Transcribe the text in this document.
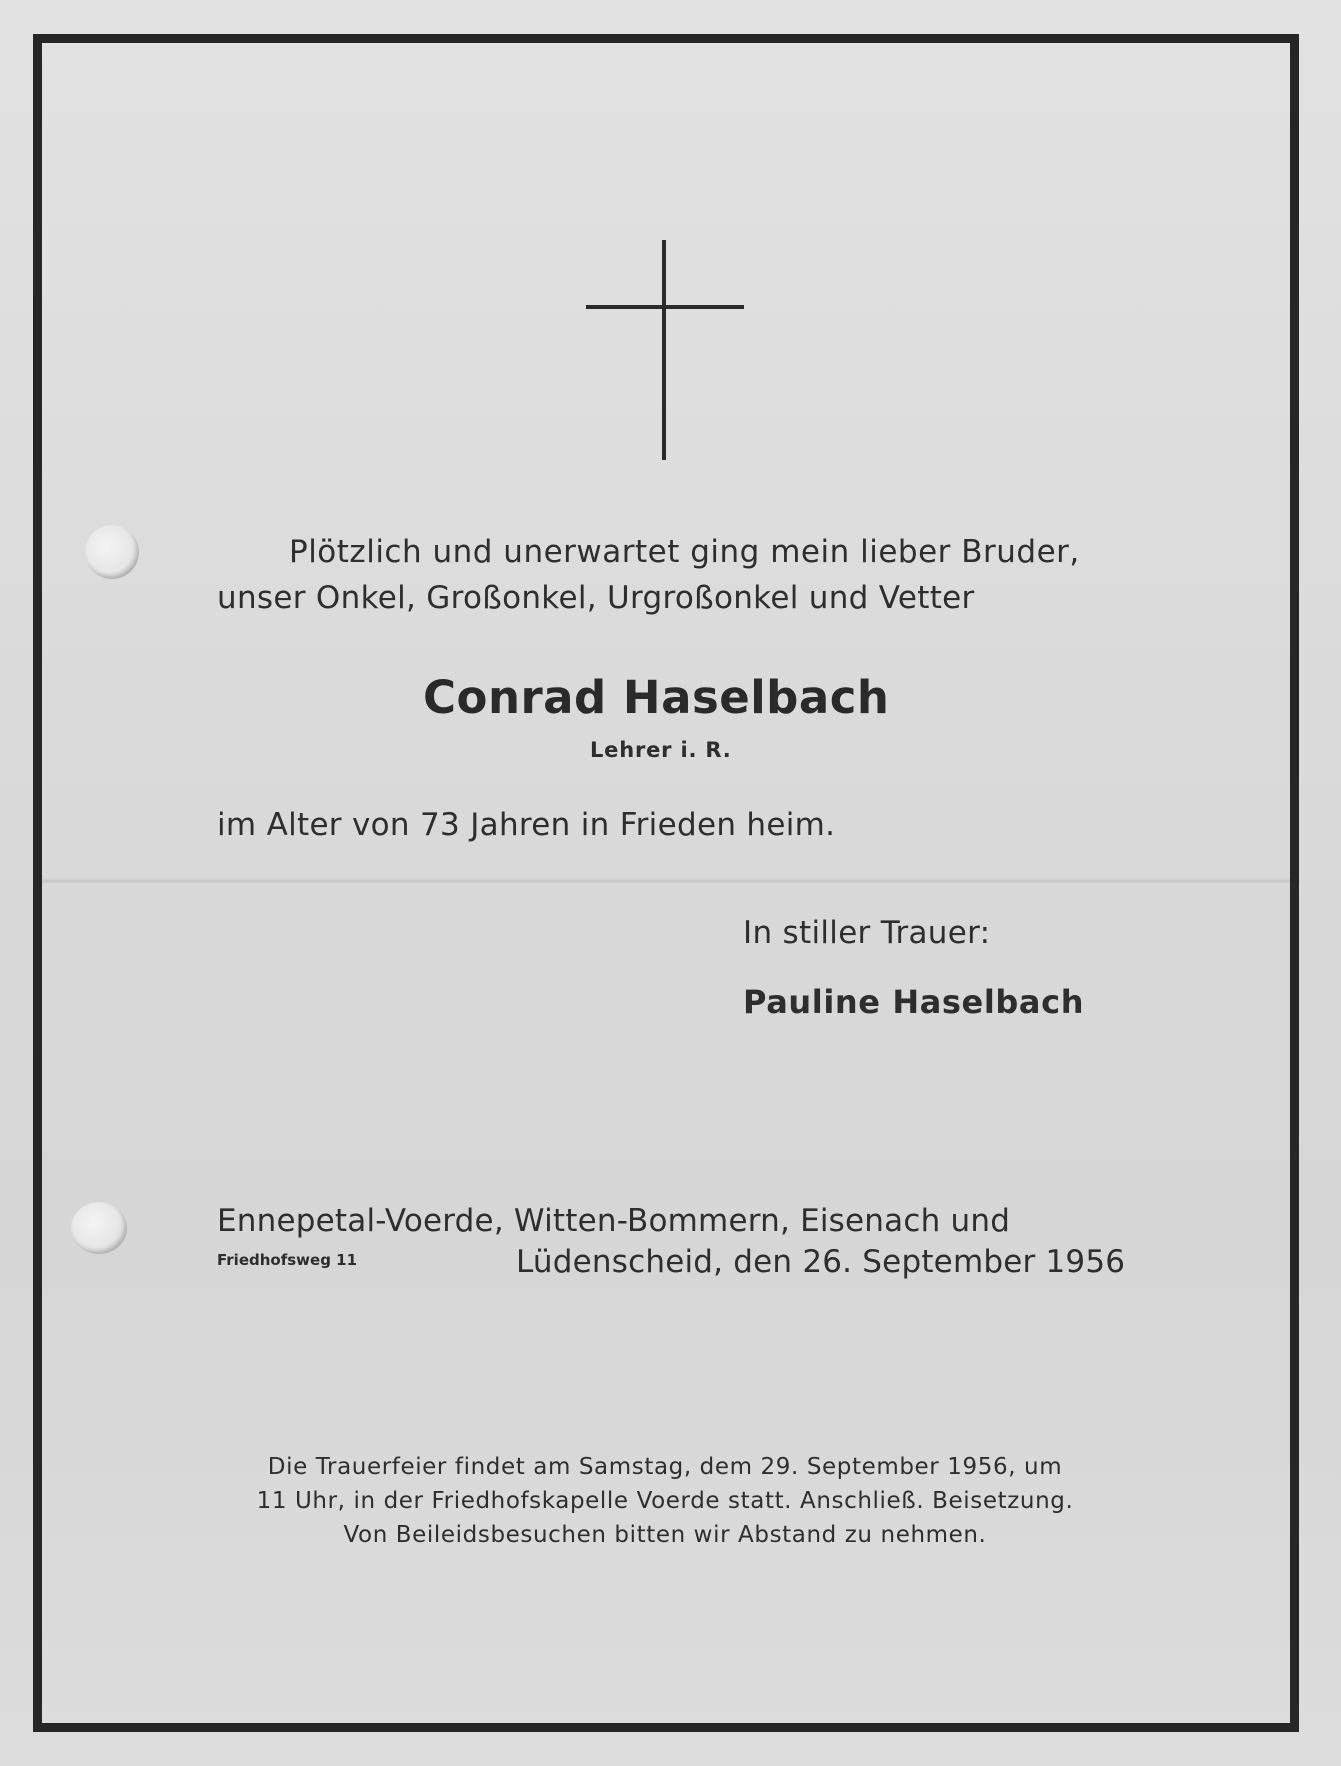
Plötzlich und unerwartet ging mein lieber Bruder,

unser Onkel, Großonkel, Urgroßonkel und Vetter

Conrad Haselbach

Lehrer i. R.

im Alter von 73 Jahren in Frieden heim.

In stiller Trauer:

Pauline Haselbach

Ennepetal-Voerde, Witten-Bommern, Eisenach und

Friedhofsweg 11	Lüdenscheid, den 26. September 1956

Die Trauerfeier findet am Samstag, dem 29. September 1956, um
11 Uhr, in der Friedhofskapelle Voerde statt. Anschließ. Beisetzung.
Von Beileidsbesuchen bitten wir Abstand zu nehmen.
